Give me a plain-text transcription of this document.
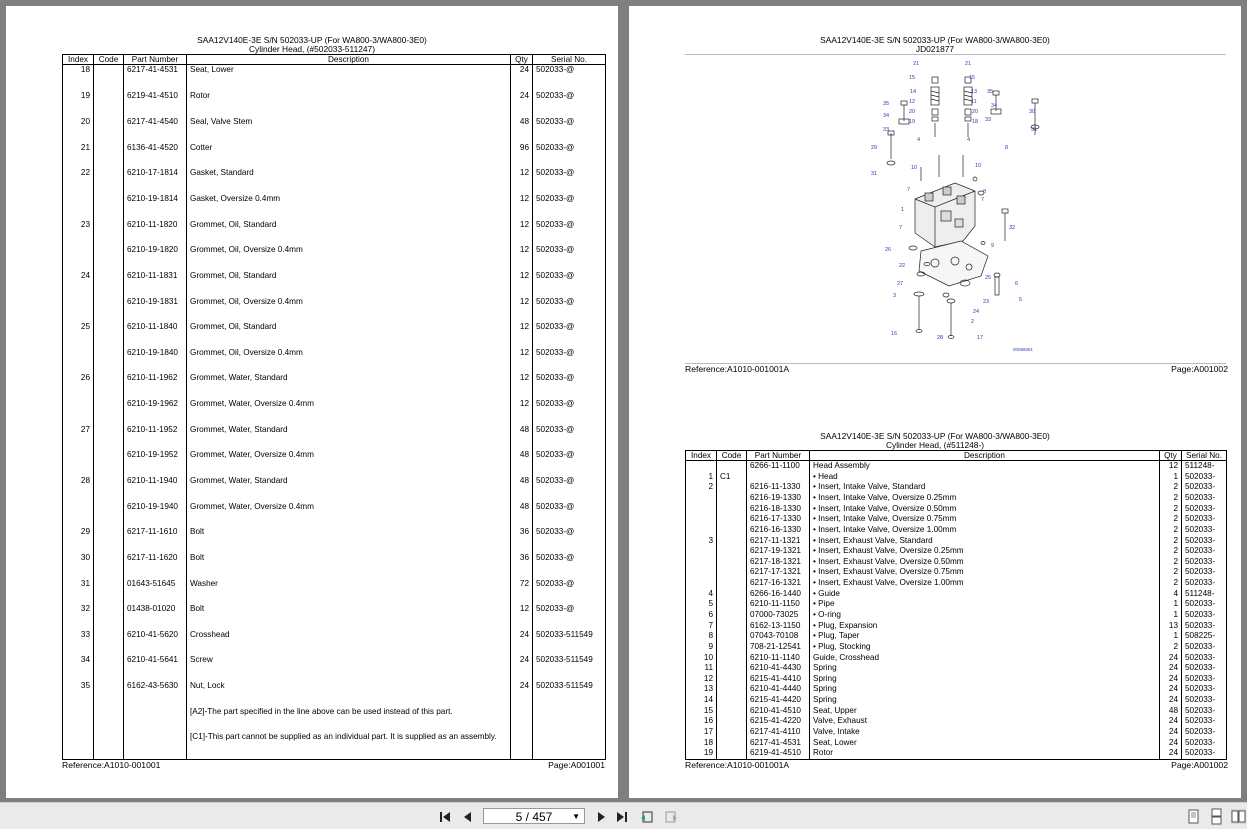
SAA12V140E-3E S/N 502033-UP (For WA800-3/WA800-3E0)
Cylinder Head, (#502033-511247)
Index	Code	Part Number	Description	Qty	Serial No.
18		6217-41-4531	Seat, Lower	24	502033-@
19		6219-41-4510	Rotor	24	502033-@
20		6217-41-4540	Seal, Valve Stem	48	502033-@
21		6136-41-4520	Cotter	96	502033-@
22		6210-17-1814	Gasket, Standard	12	502033-@
		6210-19-1814	Gasket, Oversize 0.4mm	12	502033-@
23		6210-11-1820	Grommet, Oil, Standard	12	502033-@
		6210-19-1820	Grommet, Oil, Oversize 0.4mm	12	502033-@
24		6210-11-1831	Grommet, Oil, Standard	12	502033-@
		6210-19-1831	Grommet, Oil, Oversize 0.4mm	12	502033-@
25		6210-11-1840	Grommet, Oil, Standard	12	502033-@
		6210-19-1840	Grommet, Oil, Oversize 0.4mm	12	502033-@
26		6210-11-1962	Grommet, Water, Standard	12	502033-@
		6210-19-1962	Grommet, Water, Oversize 0.4mm	12	502033-@
27		6210-11-1952	Grommet, Water, Standard	48	502033-@
		6210-19-1952	Grommet, Water, Oversize 0.4mm	48	502033-@
28		6210-11-1940	Grommet, Water, Standard	48	502033-@
		6210-19-1940	Grommet, Water, Oversize 0.4mm	48	502033-@
29		6217-11-1610	Bolt	36	502033-@
30		6217-11-1620	Bolt	36	502033-@
31		01643-51645	Washer	72	502033-@
32		01438-01020	Bolt	12	502033-@
33		6210-41-5620	Crosshead	24	502033-511549
34		6210-41-5641	Screw	24	502033-511549
35		6162-43-5630	Nut, Lock	24	502033-511549
			[A2]-The part specified in the line above can be used instead of this part.		
			[C1]-This part cannot be supplied as an individual part. It is supplied as an assembly.		

Reference:A1010-001001	Page:A001001
SAA12V140E-3E S/N 502033-UP (For WA800-3/WA800-3E0)
JD021877
21	21
15	15
14	13
12	11
20	20
19	18
4	4
35
34
33
35
34
33
30
31
8
29
31
10	10
7
7
8
1
7
9
32
26
22
27
25
6
3
23	5
24
2
16
28	17
00056051
Reference:A1010-001001A	Page:A001002
SAA12V140E-3E S/N 502033-UP (For WA800-3/WA800-3E0)
Cylinder Head, (#511248-)
Index	Code	Part Number	Description	Qty	Serial No.
		6266-11-1100	Head Assembly	12	511248-
1	C1		• Head	1	502033-
2		6216-11-1330	• Insert, Intake Valve, Standard	2	502033-
		6216-19-1330	• Insert, Intake Valve, Oversize 0.25mm	2	502033-
		6216-18-1330	• Insert, Intake Valve, Oversize 0.50mm	2	502033-
		6216-17-1330	• Insert, Intake Valve, Oversize 0.75mm	2	502033-
		6216-16-1330	• Insert, Intake Valve, Oversize 1.00mm	2	502033-
3		6217-11-1321	• Insert, Exhaust Valve, Standard	2	502033-
		6217-19-1321	• Insert, Exhaust Valve, Oversize 0.25mm	2	502033-
		6217-18-1321	• Insert, Exhaust Valve, Oversize 0.50mm	2	502033-
		6217-17-1321	• Insert, Exhaust Valve, Oversize 0.75mm	2	502033-
		6217-16-1321	• Insert, Exhaust Valve, Oversize 1.00mm	2	502033-
4		6266-16-1440	• Guide	4	511248-
5		6210-11-1150	• Pipe	1	502033-
6		07000-73025	• O-ring	1	502033-
7		6162-13-1150	• Plug, Expansion	13	502033-
8		07043-70108	• Plug, Taper	1	508225-
9		708-21-12541	• Plug, Stocking	2	502033-
10		6210-11-1140	Guide, Crosshead	24	502033-
11		6210-41-4430	Spring	24	502033-
12		6215-41-4410	Spring	24	502033-
13		6210-41-4440	Spring	24	502033-
14		6215-41-4420	Spring	24	502033-
15		6210-41-4510	Seat, Upper	48	502033-
16		6215-41-4220	Valve, Exhaust	24	502033-
17		6217-41-4110	Valve, Intake	24	502033-
18		6217-41-4531	Seat, Lower	24	502033-
19		6219-41-4510	Rotor	24	502033-

Reference:A1010-001001A	Page:A001002
5 / 457 ▼
